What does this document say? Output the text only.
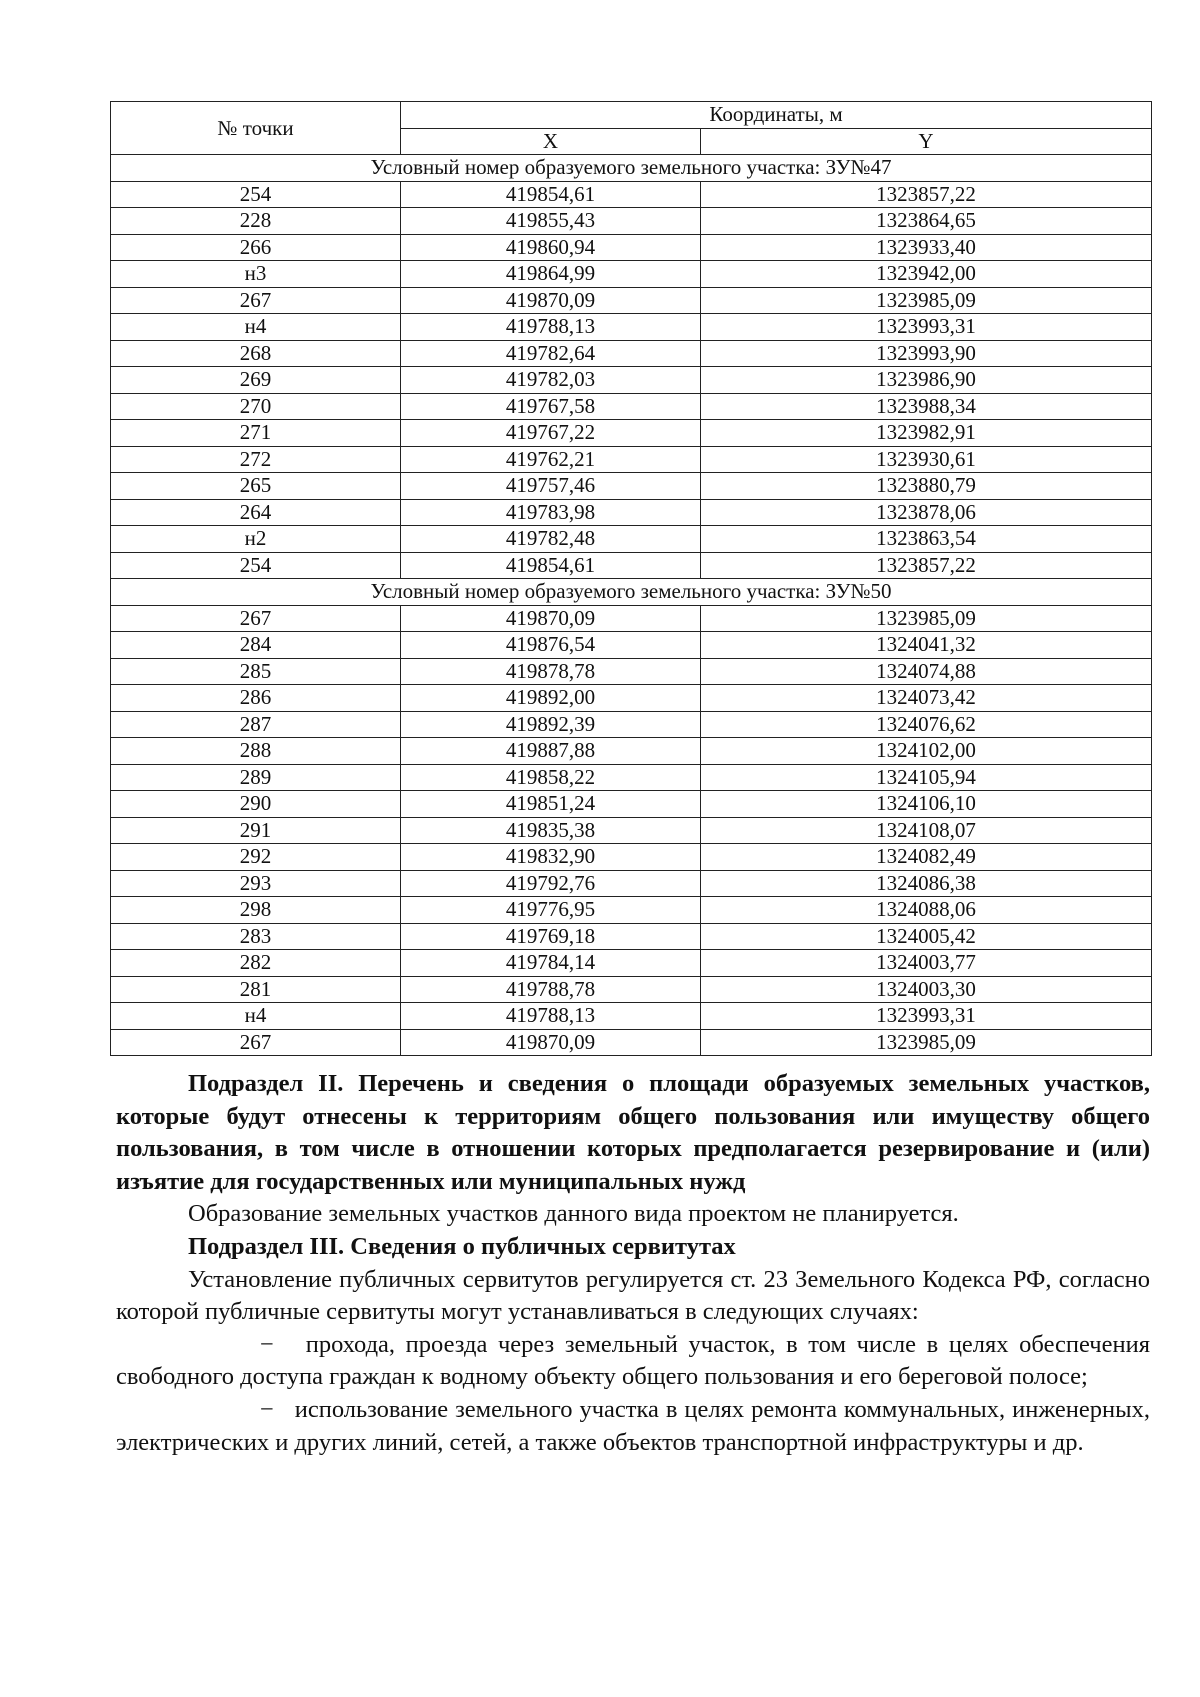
№ точки	Координаты, м	
	X	Y
Условный номер образуемого земельного участка: ЗУ№47		
254	419854,61	1323857,22
228	419855,43	1323864,65
266	419860,94	1323933,40
н3	419864,99	1323942,00
267	419870,09	1323985,09
н4	419788,13	1323993,31
268	419782,64	1323993,90
269	419782,03	1323986,90
270	419767,58	1323988,34
271	419767,22	1323982,91
272	419762,21	1323930,61
265	419757,46	1323880,79
264	419783,98	1323878,06
н2	419782,48	1323863,54
254	419854,61	1323857,22
Условный номер образуемого земельного участка: ЗУ№50		
267	419870,09	1323985,09
284	419876,54	1324041,32
285	419878,78	1324074,88
286	419892,00	1324073,42
287	419892,39	1324076,62
288	419887,88	1324102,00
289	419858,22	1324105,94
290	419851,24	1324106,10
291	419835,38	1324108,07
292	419832,90	1324082,49
293	419792,76	1324086,38
298	419776,95	1324088,06
283	419769,18	1324005,42
282	419784,14	1324003,77
281	419788,78	1324003,30
н4	419788,13	1323993,31
267	419870,09	1323985,09

Подраздел II. Перечень и сведения о площади образуемых земельных участков, которые будут отнесены к территориям общего пользования или имуществу общего пользования, в том числе в отношении которых предполагается резервирование и (или) изъятие для государственных или муниципальных нужд

Образование земельных участков данного вида проектом не планируется.

Подраздел III. Сведения о публичных сервитутах

Установление публичных сервитутов регулируется ст. 23 Земельного Кодекса РФ, согласно которой публичные сервитуты могут устанавливаться в следующих случаях:

− прохода, проезда через земельный участок, в том числе в целях обеспечения свободного доступа граждан к водному объекту общего пользования и его береговой полосе;

− использование земельного участка в целях ремонта коммунальных, инженерных, электрических и других линий, сетей, а также объектов транспортной инфраструктуры и др.
